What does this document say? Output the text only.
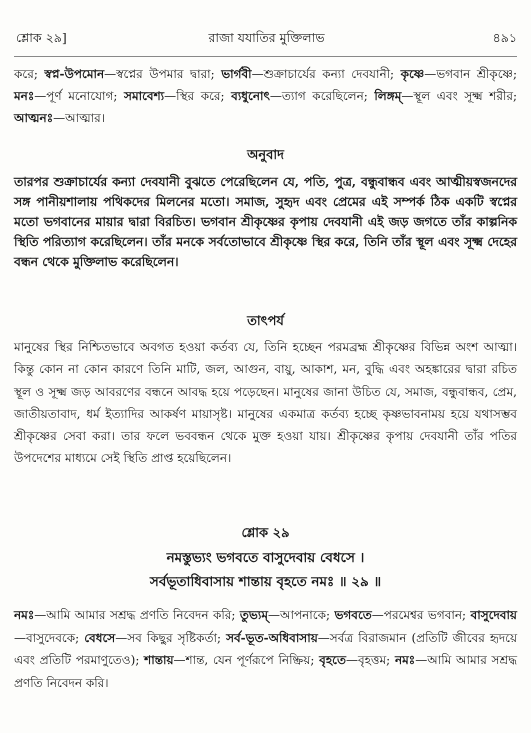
শ্লোক ২৯]	রাজা যযাতির মুক্তিলাভ	৪৯১
করে; স্বপ্ন-উপমোন—স্বপ্নের উপমার দ্বারা; ভার্গবী—শুক্রাচার্যের কন্যা দেবযানী; কৃষ্ণে—ভগবান শ্রীকৃষ্ণে; মনঃ—পূর্ণ মনোযোগ; সমাবেশ্য—স্থির করে; ব্যধুনোৎ—ত্যাগ করেছিলেন; লিঙ্গম্—স্থূল এবং সূক্ষ্ম শরীর; আত্মনঃ—আত্মার।
অনুবাদ
তারপর শুক্রাচার্যের কন্যা দেবযানী বুঝতে পেরেছিলেন যে, পতি, পুত্র, বন্ধুবান্ধব এবং আত্মীয়স্বজনদের সঙ্গ পানীয়শালায় পথিকদের মিলনের মতো। সমাজ, সুহৃদ এবং প্রেমের এই সম্পর্ক ঠিক একটি স্বপ্নের মতো ভগবানের মায়ার দ্বারা বিরচিত। ভগবান শ্রীকৃষ্ণের কৃপায় দেবযানী এই জড় জগতে তাঁর কাল্পনিক স্থিতি পরিত্যাগ করেছিলেন। তাঁর মনকে সর্বতোভাবে শ্রীকৃষ্ণে স্থির করে, তিনি তাঁর স্থূল এবং সূক্ষ্ম দেহের বন্ধন থেকে মুক্তিলাভ করেছিলেন।
তাৎপর্য
মানুষের স্থির নিশ্চিতভাবে অবগত হওয়া কর্তব্য যে, তিনি হচ্ছেন পরমব্রহ্ম শ্রীকৃষ্ণের বিভিন্ন অংশ আত্মা। কিন্তু কোন না কোন কারণে তিনি মাটি, জল, আগুন, বায়ু, আকাশ, মন, বুদ্ধি এবং অহঙ্কারের দ্বারা রচিত স্থূল ও সূক্ষ্ম জড় আবরণের বন্ধনে আবদ্ধ হয়ে পড়েছেন। মানুষের জানা উচিত যে, সমাজ, বন্ধুবান্ধব, প্রেম, জাতীয়তাবাদ, ধর্ম ইত্যাদির আকর্ষণ মায়াসৃষ্ট। মানুষের একমাত্র কর্তব্য হচ্ছে কৃষ্ণভাবনাময় হয়ে যথাসম্ভব শ্রীকৃষ্ণের সেবা করা। তার ফলে ভববন্ধন থেকে মুক্ত হওয়া যায়। শ্রীকৃষ্ণের কৃপায় দেবযানী তাঁর পতির উপদেশের মাধ্যমে সেই স্থিতি প্রাপ্ত হয়েছিলেন।
শ্লোক ২৯
নমস্তুভ্যং ভগবতে বাসুদেবায় বেধসে ।
সর্বভূতাধিবাসায় শান্তায় বৃহতে নমঃ ॥ ২৯ ॥
নমঃ—আমি আমার সশ্রদ্ধ প্রণতি নিবেদন করি; তুভ্যম্—আপনাকে; ভগবতে—পরমেশ্বর ভগবান; বাসুদেবায়—বাসুদেবকে; বেধসে—সব কিছুর সৃষ্টিকর্তা; সর্ব-ভূত-অধিবাসায়—সর্বত্র বিরাজমান (প্রতিটি জীবের হৃদয়ে এবং প্রতিটি পরমাণুতেও); শান্তায়—শান্ত, যেন পূর্ণরূপে নিষ্ক্রিয়; বৃহতে—বৃহত্তম; নমঃ—আমি আমার সশ্রদ্ধ প্রণতি নিবেদন করি।
